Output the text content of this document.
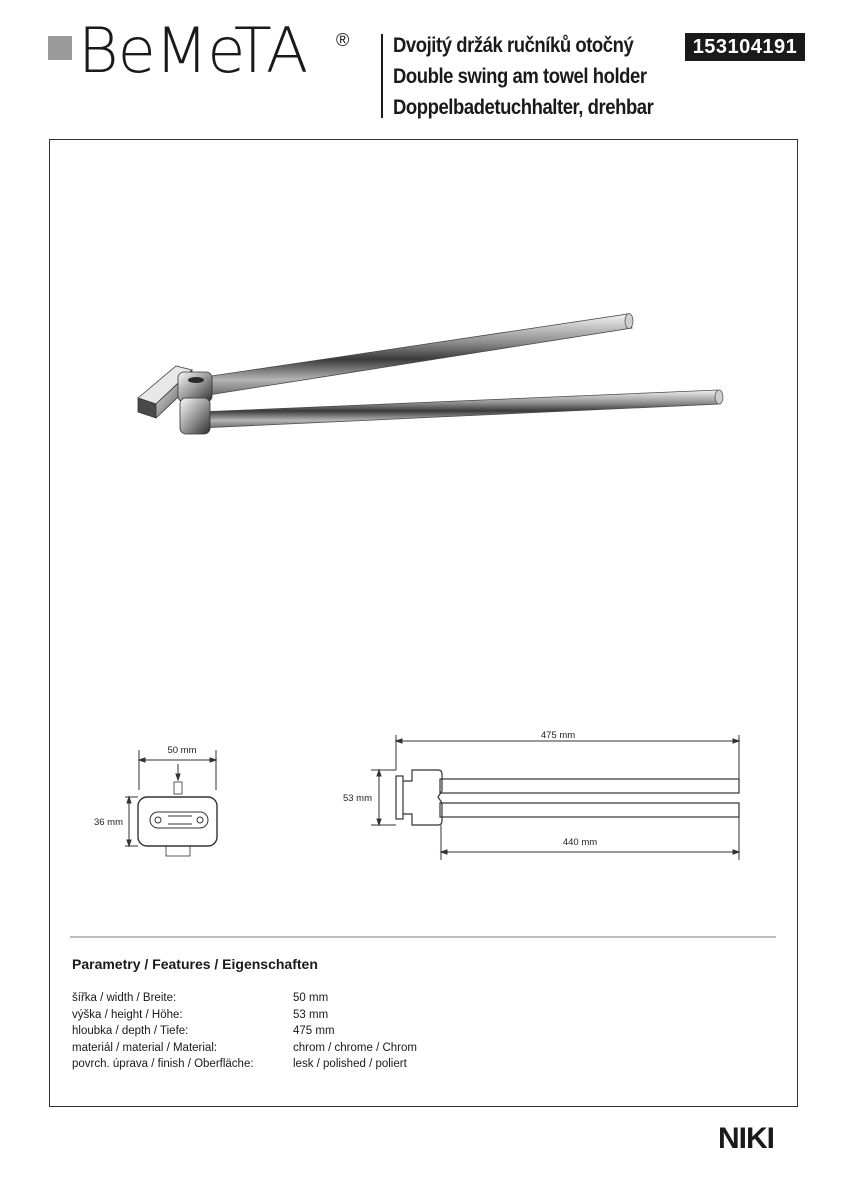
BeMeTA ® Dvojitý držák ručníků otočný
Double swing am towel holder
Doppelbadetuchhalter, drehbar
153104191
50 mm
36 mm
475 mm
53 mm
440 mm
Parametry / Features / Eigenschaften
šířka / width / Breite:	50 mm
výška / height / Höhe:	53 mm
hloubka / depth / Tiefe:	475 mm
materiál / material / Material:	chrom / chrome / Chrom
povrch. úprava / finish / Oberfläche:	lesk / polished / poliert
NIKI
